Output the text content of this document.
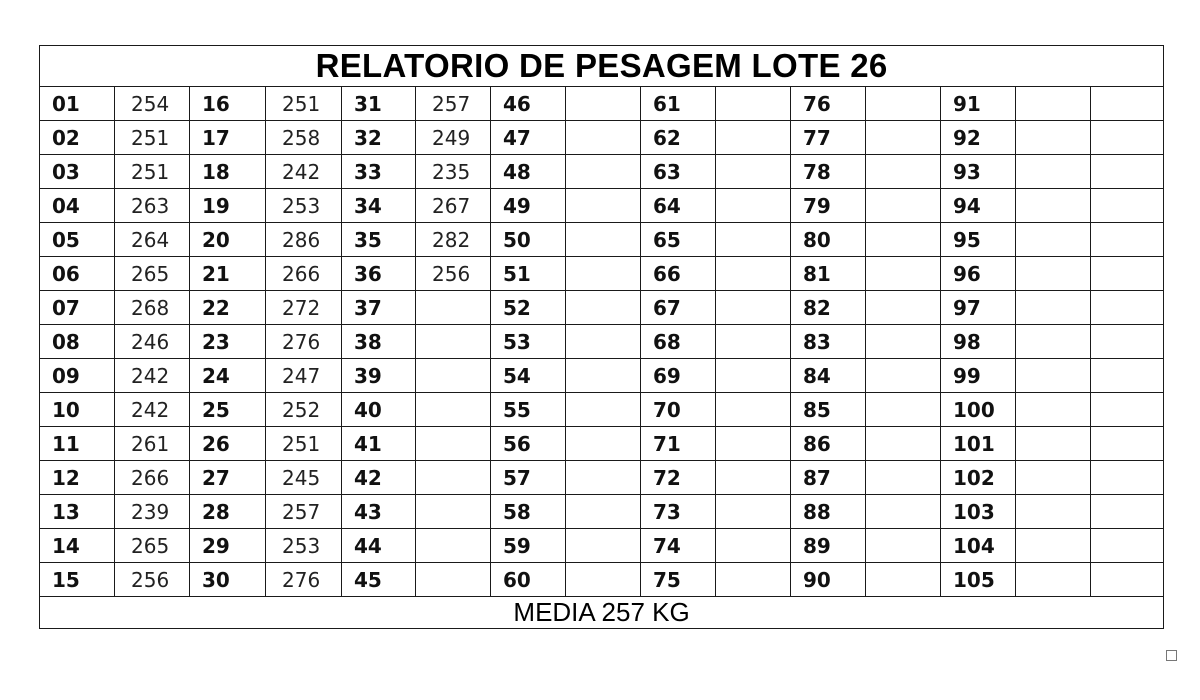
RELATORIO DE PESAGEM LOTE 26														
01	254	16	251	31	257	46		61		76		91		
02	251	17	258	32	249	47		62		77		92		
03	251	18	242	33	235	48		63		78		93		
04	263	19	253	34	267	49		64		79		94		
05	264	20	286	35	282	50		65		80		95		
06	265	21	266	36	256	51		66		81		96		
07	268	22	272	37		52		67		82		97		
08	246	23	276	38		53		68		83		98		
09	242	24	247	39		54		69		84		99		
10	242	25	252	40		55		70		85		100		
11	261	26	251	41		56		71		86		101		
12	266	27	245	42		57		72		87		102		
13	239	28	257	43		58		73		88		103		
14	265	29	253	44		59		74		89		104		
15	256	30	276	45		60		75		90		105		
MEDIA 257 KG														
